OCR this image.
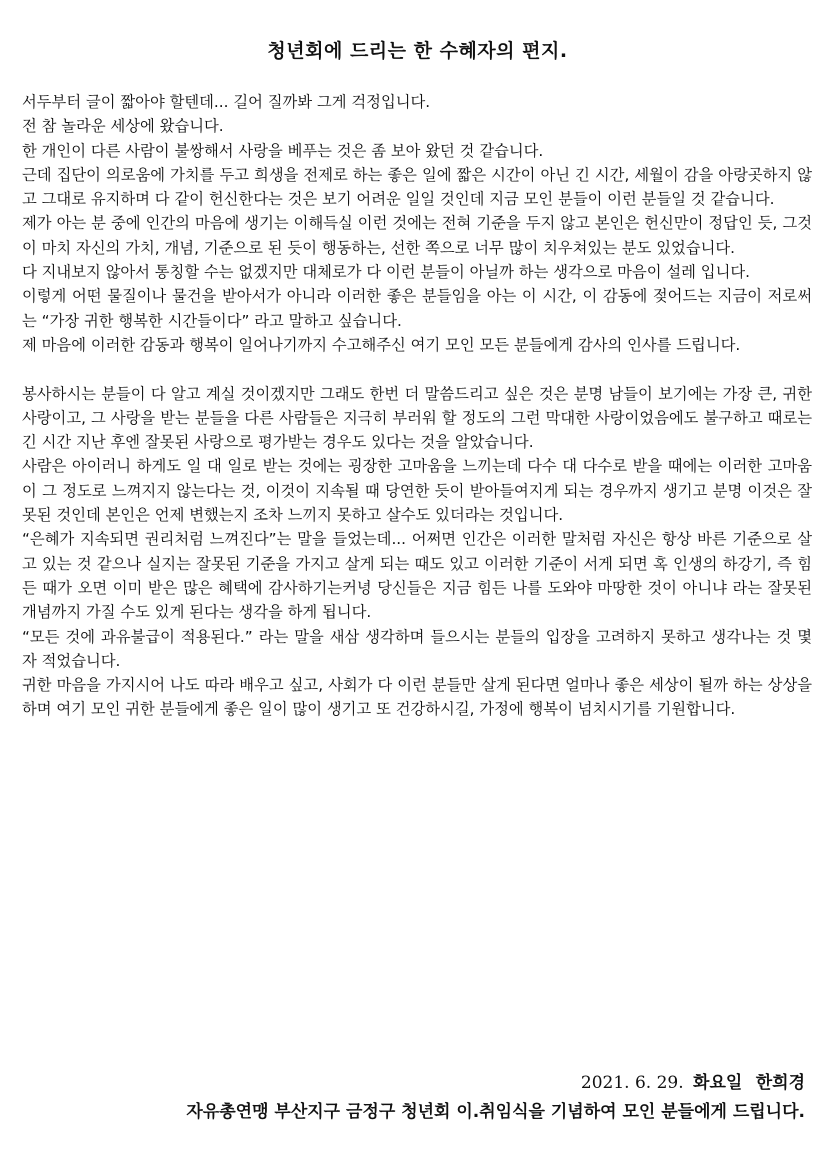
청년회에 드리는 한 수혜자의 편지.

서두부터 글이 짧아야 할텐데... 길어 질까봐 그게 걱정입니다.

전 참 놀라운 세상에 왔습니다.

한 개인이 다른 사람이 불쌍해서 사랑을 베푸는 것은 좀 보아 왔던 것 같습니다.

근데 집단이 의로움에 가치를 두고 희생을 전제로 하는 좋은 일에 짧은 시간이 아닌 긴 시간, 세월이 감을 아랑곳하지 않고 그대로 유지하며 다 같이 헌신한다는 것은 보기 어려운 일일 것인데 지금 모인 분들이 이런 분들일 것 같습니다.

제가 아는 분 중에 인간의 마음에 생기는 이해득실 이런 것에는 전혀 기준을 두지 않고 본인은 헌신만이 정답인 듯, 그것이 마치 자신의 가치, 개념, 기준으로 된 듯이 행동하는, 선한 쪽으로 너무 많이 치우쳐있는 분도 있었습니다.

다 지내보지 않아서 통칭할 수는 없겠지만 대체로가 다 이런 분들이 아닐까 하는 생각으로 마음이 설레 입니다.

이렇게 어떤 물질이나 물건을 받아서가 아니라 이러한 좋은 분들임을 아는 이 시간, 이 감동에 젖어드는 지금이 저로써는 “가장 귀한 행복한 시간들이다” 라고 말하고 싶습니다.

제 마음에 이러한 감동과 행복이 일어나기까지 수고해주신 여기 모인 모든 분들에게 감사의 인사를 드립니다.

봉사하시는 분들이 다 알고 계실 것이겠지만 그래도 한번 더 말씀드리고 싶은 것은 분명 남들이 보기에는 가장 큰, 귀한 사랑이고, 그 사랑을 받는 분들을 다른 사람들은 지극히 부러워 할 정도의 그런 막대한 사랑이었음에도 불구하고 때로는 긴 시간 지난 후엔 잘못된 사랑으로 평가받는 경우도 있다는 것을 알았습니다.

사람은 아이러니 하게도 일 대 일로 받는 것에는 굉장한 고마움을 느끼는데 다수 대 다수로 받을 때에는 이러한 고마움이 그 정도로 느껴지지 않는다는 것, 이것이 지속될 때 당연한 듯이 받아들여지게 되는 경우까지 생기고 분명 이것은 잘못된 것인데 본인은 언제 변했는지 조차 느끼지 못하고 살수도 있더라는 것입니다.

“은혜가 지속되면 권리처럼 느껴진다”는 말을 들었는데... 어쩌면 인간은 이러한 말처럼 자신은 항상 바른 기준으로 살고 있는 것 같으나 실지는 잘못된 기준을 가지고 살게 되는 때도 있고 이러한 기준이 서게 되면 혹 인생의 하강기, 즉 힘든 때가 오면 이미 받은 많은 혜택에 감사하기는커녕 당신들은 지금 힘든 나를 도와야 마땅한 것이 아니냐 라는 잘못된 개념까지 가질 수도 있게 된다는 생각을 하게 됩니다.

“모든 것에 과유불급이 적용된다.” 라는 말을 새삼 생각하며 들으시는 분들의 입장을 고려하지 못하고 생각나는 것 몇 자 적었습니다.

귀한 마음을 가지시어 나도 따라 배우고 싶고, 사회가 다 이런 분들만 살게 된다면 얼마나 좋은 세상이 될까 하는 상상을 하며 여기 모인 귀한 분들에게 좋은 일이 많이 생기고 또 건강하시길, 가정에 행복이 넘치시기를 기원합니다.

2021. 6. 29. 화요일 한희경
자유총연맹 부산지구 금정구 청년회 이.취임식을 기념하여 모인 분들에게 드립니다.
